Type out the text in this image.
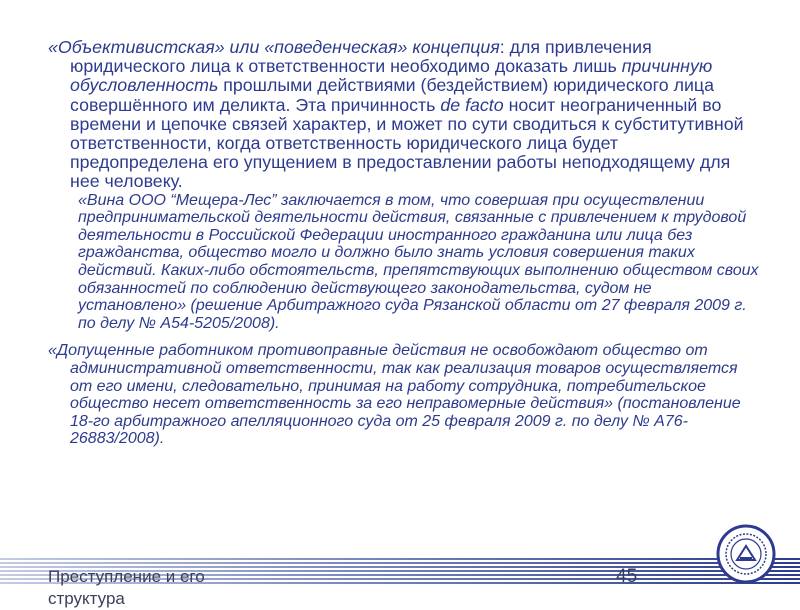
«Объективистская» или «поведенческая» концепция: для привлечения юридического лица к ответственности необходимо доказать лишь причинную обусловленность прошлыми действиями (бездействием) юридического лица совершённого им деликта. Эта причинность de facto носит неограниченный во времени и цепочке связей характер, и может по сути сводиться к субститутивной ответственности, когда ответственность юридического лица будет предопределена его упущением в предоставлении работы неподходящему для нее человеку.

«Вина ООО “Мещера-Лес” заключается в том, что совершая при осуществлении предпринимательской деятельности действия, связанные с привлечением к трудовой деятельности в Российской Федерации иностранного гражданина или лица без гражданства, общество могло и должно было знать условия совершения таких действий. Каких-либо обстоятельств, препятствующих выполнению обществом своих обязанностей по соблюдению действующего законодательства, судом не установлено» (решение Арбитражного суда Рязанской области от 27 февраля 2009 г. по делу № А54-5205/2008).

«Допущенные работником противоправные действия не освобождают общество от административной ответственности, так как реализация товаров осуществляется от его имени, следовательно, принимая на работу сотрудника, потребительское общество несет ответственность за его неправомерные действия» (постановление 18-го арбитражного апелляционного суда от 25 февраля 2009 г. по делу № А76-26883/2008).

Преступление и его структура
45
